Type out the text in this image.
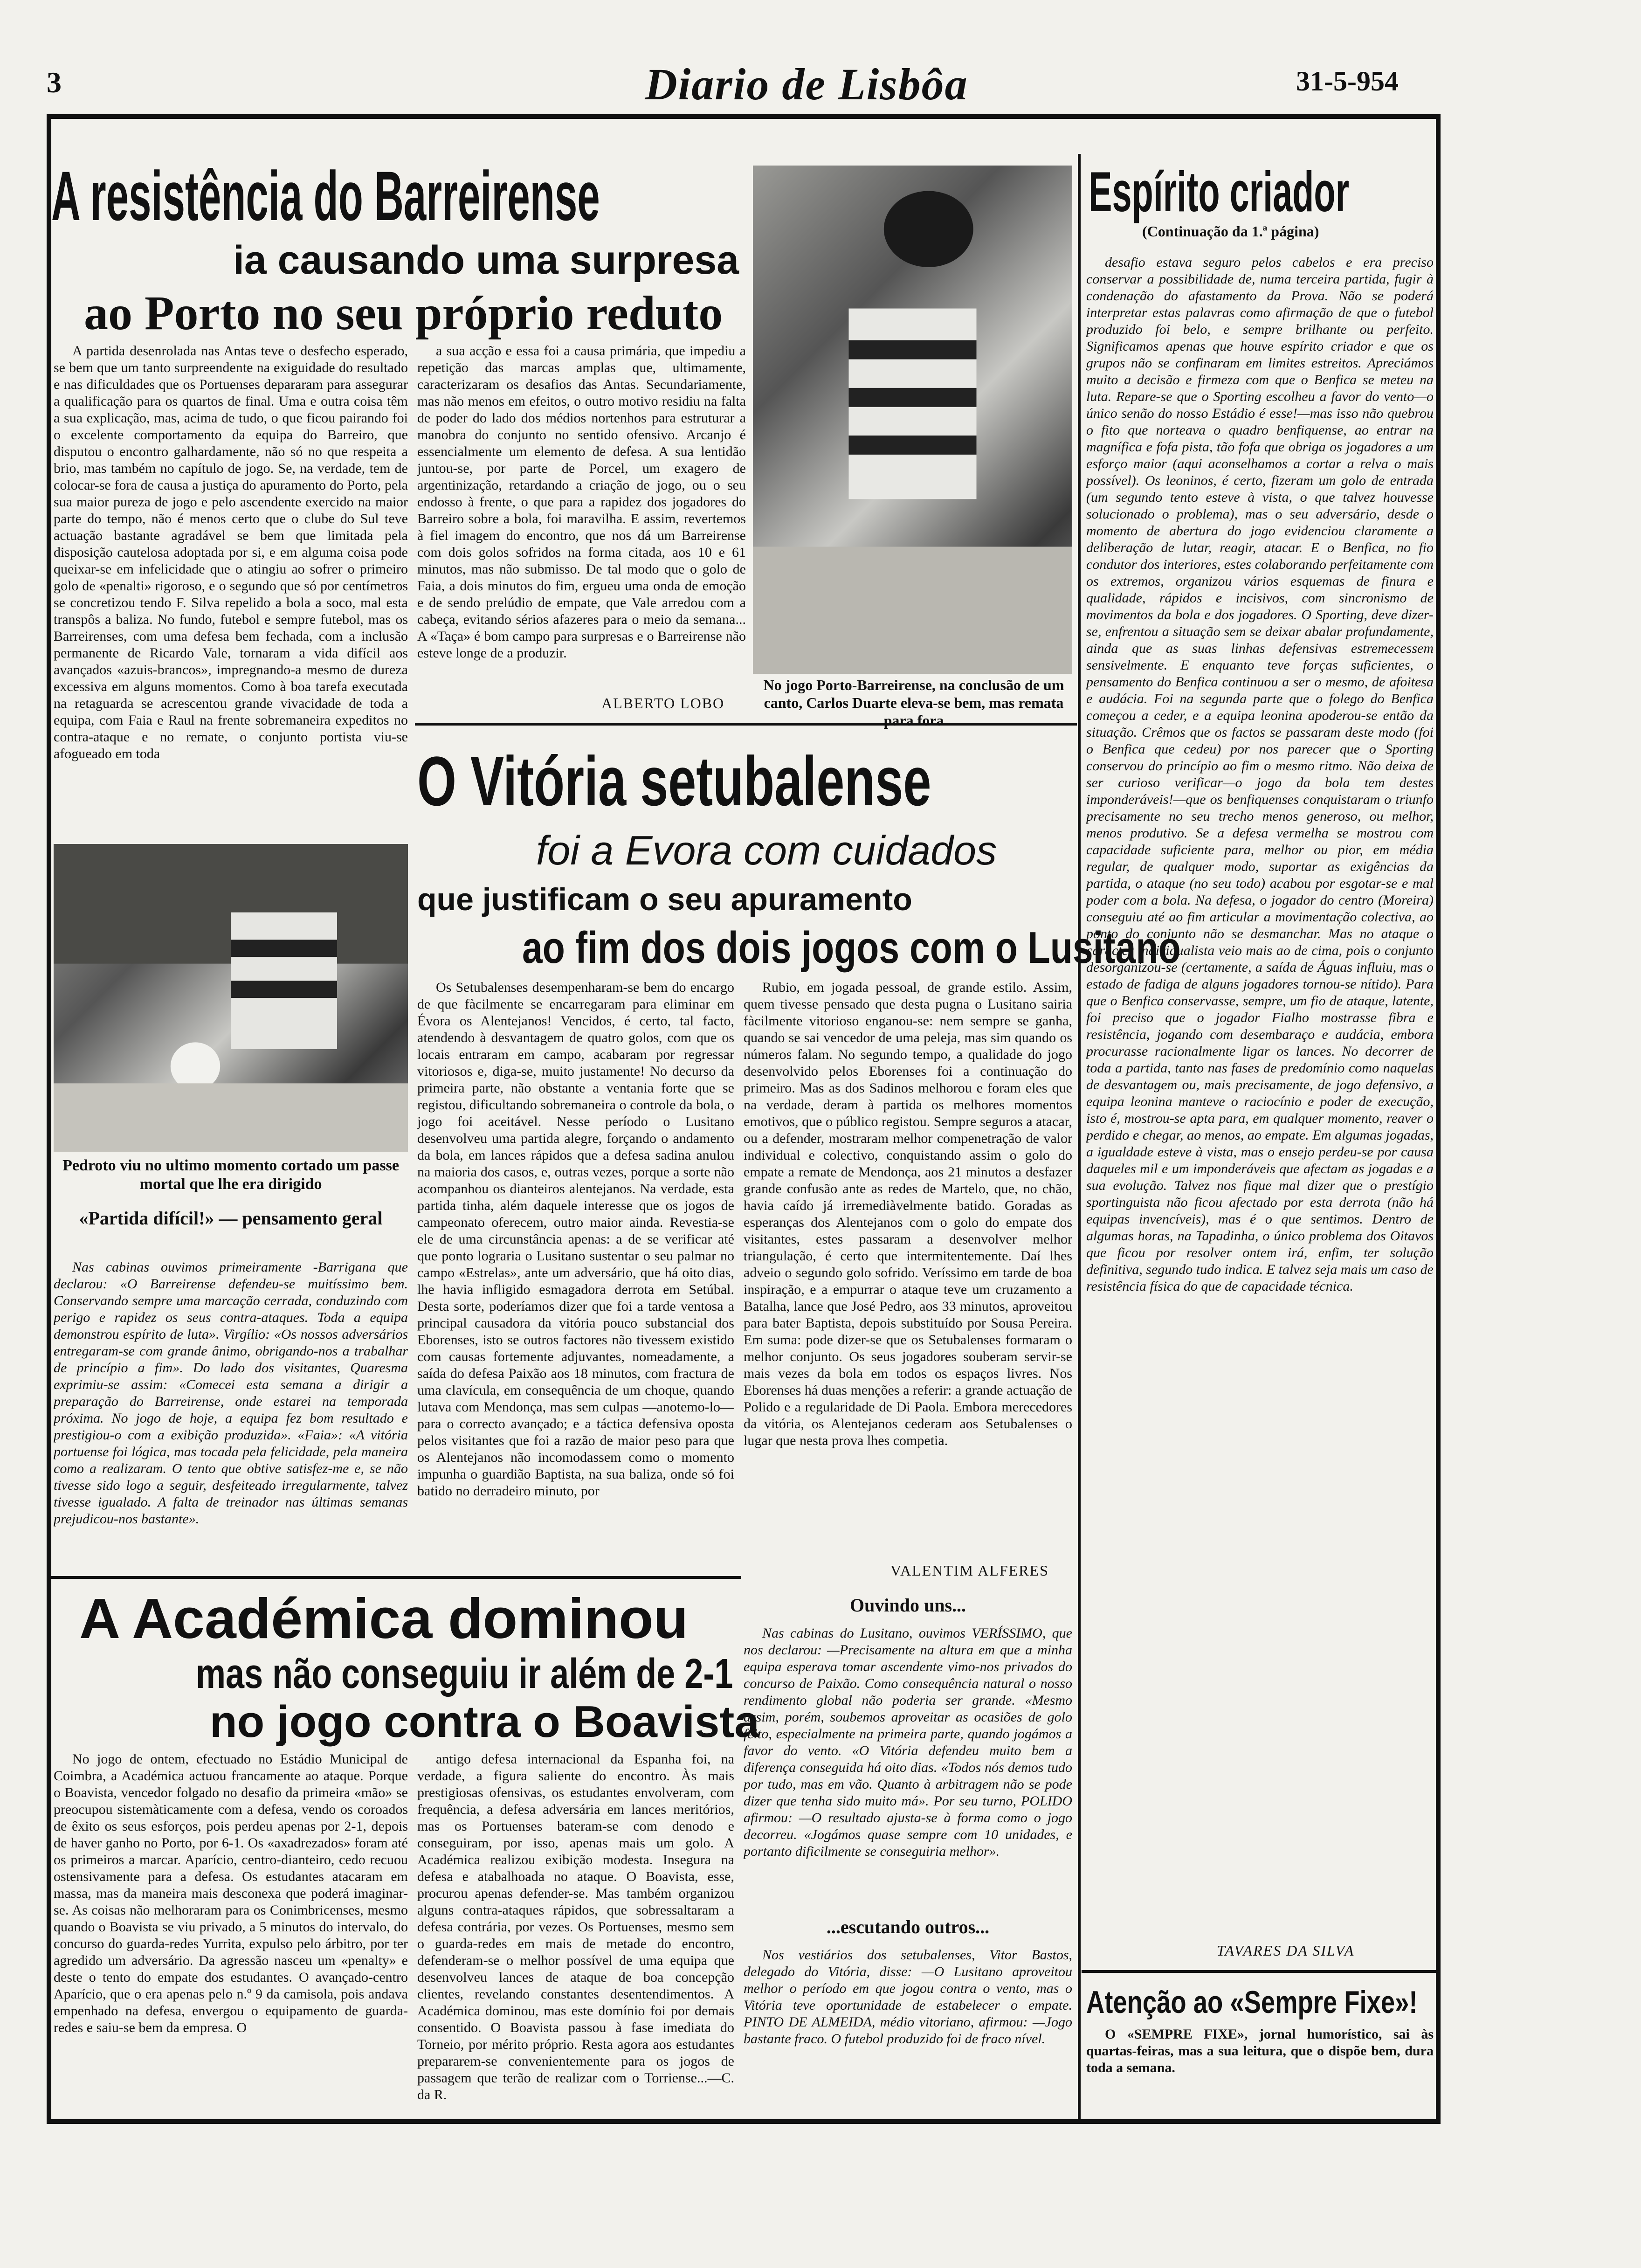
3	Diario de Lisbôa	31-5-954
A resistência do Barreirense
ia causando uma surpresa
ao Porto no seu próprio reduto

A partida desenrolada nas Antas teve o desfecho esperado, se bem que um tanto surpreendente na exiguidade do resultado e nas dificuldades que os Portuenses depararam para assegurar a qualificação para os quartos de final. Uma e outra coisa têm a sua explicação, mas, acima de tudo, o que ficou pairando foi o excelente comportamento da equipa do Barreiro, que disputou o encontro galhardamente, não só no que respeita a brio, mas também no capítulo de jogo. Se, na verdade, tem de colocar-se fora de causa a justiça do apuramento do Porto, pela sua maior pureza de jogo e pelo ascendente exercido na maior parte do tempo, não é menos certo que o clube do Sul teve actuação bastante agradável se bem que limitada pela disposição cautelosa adoptada por si, e em alguma coisa pode queixar-se em infelicidade que o atingiu ao sofrer o primeiro golo de «penalti» rigoroso, e o segundo que só por centímetros se concretizou tendo F. Silva repelido a bola a soco, mal esta transpôs a baliza. No fundo, futebol e sempre futebol, mas os Barreirenses, com uma defesa bem fechada, com a inclusão permanente de Ricardo Vale, tornaram a vida difícil aos avançados «azuis-brancos», impregnando-a mesmo de dureza excessiva em alguns momentos. Como à boa tarefa executada na retaguarda se acrescentou grande vivacidade de toda a equipa, com Faia e Raul na frente sobremaneira expeditos no contra-ataque e no remate, o conjunto portista viu-se afogueado em toda

a sua acção e essa foi a causa primária, que impediu a repetição das marcas amplas que, ultimamente, caracterizaram os desafios das Antas. Secundariamente, mas não menos em efeitos, o outro motivo residiu na falta de poder do lado dos médios nortenhos para estruturar a manobra do conjunto no sentido ofensivo. Arcanjo é essencialmente um elemento de defesa. A sua lentidão juntou-se, por parte de Porcel, um exagero de argentinização, retardando a criação de jogo, ou o seu endosso à frente, o que para a rapidez dos jogadores do Barreiro sobre a bola, foi maravilha. E assim, revertemos à fiel imagem do encontro, que nos dá um Barreirense com dois golos sofridos na forma citada, aos 10 e 61 minutos, mas não submisso. De tal modo que o golo de Faia, a dois minutos do fim, ergueu uma onda de emoção e de sendo prelúdio de empate, que Vale arredou com a cabeça, evitando sérios afazeres para o meio da semana... A «Taça» é bom campo para surpresas e o Barreirense não esteve longe de a produzir.

ALBERTO LOBO
No jogo Porto-Barreirense, na conclusão de um canto, Carlos Duarte eleva-se bem, mas remata para fora
Pedroto viu no ultimo momento cortado um passe mortal que lhe era dirigido
«Partida difícil!» — pensamento geral

Nas cabinas ouvimos primeiramente -Barrigana que declarou: «O Barreirense defendeu-se muitíssimo bem. Conservando sempre uma marcação cerrada, conduzindo com perigo e rapidez os seus contra-ataques. Toda a equipa demonstrou espírito de luta». Virgílio: «Os nossos adversários entregaram-se com grande ânimo, obrigando-nos a trabalhar de princípio a fim». Do lado dos visitantes, Quaresma exprimiu-se assim: «Comecei esta semana a dirigir a preparação do Barreirense, onde estarei na temporada próxima. No jogo de hoje, a equipa fez bom resultado e prestigiou-o com a exibição produzida». «Faia»: «A vitória portuense foi lógica, mas tocada pela felicidade, pela maneira como a realizaram. O tento que obtive satisfez-me e, se não tivesse sido logo a seguir, desfeiteado irregularmente, talvez tivesse igualado. A falta de treinador nas últimas semanas prejudicou-nos bastante».

O Vitória setubalense
foi a Evora com cuidados
que justificam o seu apuramento
ao fim dos dois jogos com o Lusitano

Os Setubalenses desempenharam-se bem do encargo de que fàcilmente se encarregaram para eliminar em Évora os Alentejanos! Vencidos, é certo, tal facto, atendendo à desvantagem de quatro golos, com que os locais entraram em campo, acabaram por regressar vitoriosos e, diga-se, muito justamente! No decurso da primeira parte, não obstante a ventania forte que se registou, dificultando sobremaneira o controle da bola, o jogo foi aceitável. Nesse período o Lusitano desenvolveu uma partida alegre, forçando o andamento da bola, em lances rápidos que a defesa sadina anulou na maioria dos casos, e, outras vezes, porque a sorte não acompanhou os dianteiros alentejanos. Na verdade, esta partida tinha, além daquele interesse que os jogos de campeonato oferecem, outro maior ainda. Revestia-se ele de uma circunstância apenas: a de se verificar até que ponto lograria o Lusitano sustentar o seu palmar no campo «Estrelas», ante um adversário, que há oito dias, lhe havia infligido esmagadora derrota em Setúbal. Desta sorte, poderíamos dizer que foi a tarde ventosa a principal causadora da vitória pouco substancial dos Eborenses, isto se outros factores não tivessem existido com causas fortemente adjuvantes, nomeadamente, a saída do defesa Paixão aos 18 minutos, com fractura de uma clavícula, em consequência de um choque, quando lutava com Mendonça, mas sem culpas —anotemo-lo—para o correcto avançado; e a táctica defensiva oposta pelos visitantes que foi a razão de maior peso para que os Alentejanos não incomodassem como o momento impunha o guardião Baptista, na sua baliza, onde só foi batido no derradeiro minuto, por

Rubio, em jogada pessoal, de grande estilo. Assim, quem tivesse pensado que desta pugna o Lusitano sairia fàcilmente vitorioso enganou-se: nem sempre se ganha, quando se sai vencedor de uma peleja, mas sim quando os números falam. No segundo tempo, a qualidade do jogo desenvolvido pelos Eborenses foi a continuação do primeiro. Mas as dos Sadinos melhorou e foram eles que na verdade, deram à partida os melhores momentos emotivos, que o público registou. Sempre seguros a atacar, ou a defender, mostraram melhor compenetração de valor individual e colectivo, conquistando assim o golo do empate a remate de Mendonça, aos 21 minutos a desfazer grande confusão ante as redes de Martelo, que, no chão, havia caído já irremediàvelmente batido. Goradas as esperanças dos Alentejanos com o golo do empate dos visitantes, estes passaram a desenvolver melhor triangulação, é certo que intermitentemente. Daí lhes adveio o segundo golo sofrido. Veríssimo em tarde de boa inspiração, e a empurrar o ataque teve um cruzamento a Batalha, lance que José Pedro, aos 33 minutos, aproveitou para bater Baptista, depois substituído por Sousa Pereira. Em suma: pode dizer-se que os Setubalenses formaram o melhor conjunto. Os seus jogadores souberam servir-se mais vezes da bola em todos os espaços livres. Nos Eborenses há duas menções a referir: a grande actuação de Polido e a regularidade de Di Paola. Embora merecedores da vitória, os Alentejanos cederam aos Setubalenses o lugar que nesta prova lhes competia.

VALENTIM ALFERES
Ouvindo uns...

Nas cabinas do Lusitano, ouvimos VERÍSSIMO, que nos declarou: —Precisamente na altura em que a minha equipa esperava tomar ascendente vimo-nos privados do concurso de Paixão. Como consequência natural o nosso rendimento global não poderia ser grande. «Mesmo assim, porém, soubemos aproveitar as ocasiões de golo feito, especialmente na primeira parte, quando jogámos a favor do vento. «O Vitória defendeu muito bem a diferença conseguida há oito dias. «Todos nós demos tudo por tudo, mas em vão. Quanto à arbitragem não se pode dizer que tenha sido muito má». Por seu turno, POLIDO afirmou: —O resultado ajusta-se à forma como o jogo decorreu. «Jogámos quase sempre com 10 unidades, e portanto dificilmente se conseguiria melhor».

...escutando outros...

Nos vestiários dos setubalenses, Vitor Bastos, delegado do Vitória, disse: —O Lusitano aproveitou melhor o período em que jogou contra o vento, mas o Vitória teve oportunidade de estabelecer o empate. PINTO DE ALMEIDA, médio vitoriano, afirmou: —Jogo bastante fraco. O futebol produzido foi de fraco nível.

A Académica dominou
mas não conseguiu ir além de 2-1
no jogo contra o Boavista

No jogo de ontem, efectuado no Estádio Municipal de Coimbra, a Académica actuou francamente ao ataque. Porque o Boavista, vencedor folgado no desafio da primeira «mão» se preocupou sistemàticamente com a defesa, vendo os coroados de êxito os seus esforços, pois perdeu apenas por 2-1, depois de haver ganho no Porto, por 6-1. Os «axadrezados» foram até os primeiros a marcar. Aparício, centro-dianteiro, cedo recuou ostensivamente para a defesa. Os estudantes atacaram em massa, mas da maneira mais desconexa que poderá imaginar-se. As coisas não melhoraram para os Conimbricenses, mesmo quando o Boavista se viu privado, a 5 minutos do intervalo, do concurso do guarda-redes Yurrita, expulso pelo árbitro, por ter agredido um adversário. Da agressão nasceu um «penalty» e deste o tento do empate dos estudantes. O avançado-centro Aparício, que o era apenas pelo n.º 9 da camisola, pois andava empenhado na defesa, envergou o equipamento de guarda-redes e saiu-se bem da empresa. O

antigo defesa internacional da Espanha foi, na verdade, a figura saliente do encontro. Às mais prestigiosas ofensivas, os estudantes envolveram, com frequência, a defesa adversária em lances meritórios, mas os Portuenses bateram-se com denodo e conseguiram, por isso, apenas mais um golo. A Académica realizou exibição modesta. Insegura na defesa e atabalhoada no ataque. O Boavista, esse, procurou apenas defender-se. Mas também organizou alguns contra-ataques rápidos, que sobressaltaram a defesa contrária, por vezes. Os Portuenses, mesmo sem o guarda-redes em mais de metade do encontro, defenderam-se o melhor possível de uma equipa que desenvolveu lances de ataque de boa concepção clientes, revelando constantes desentendimentos. A Académica dominou, mas este domínio foi por demais consentido. O Boavista passou à fase imediata do Torneio, por mérito próprio. Resta agora aos estudantes prepararem-se convenientemente para os jogos de passagem que terão de realizar com o Torriense...—C. da R.

Espírito criador
(Continuação da 1.ª página)

desafio estava seguro pelos cabelos e era preciso conservar a possibilidade de, numa terceira partida, fugir à condenação do afastamento da Prova. Não se poderá interpretar estas palavras como afirmação de que o futebol produzido foi belo, e sempre brilhante ou perfeito. Significamos apenas que houve espírito criador e que os grupos não se confinaram em limites estreitos. Apreciámos muito a decisão e firmeza com que o Benfica se meteu na luta. Repare-se que o Sporting escolheu a favor do vento—o único senão do nosso Estádio é esse!—mas isso não quebrou o fito que norteava o quadro benfiquense, ao entrar na magnífica e fofa pista, tão fofa que obriga os jogadores a um esforço maior (aqui aconselhamos a cortar a relva o mais possível). Os leoninos, é certo, fizeram um golo de entrada (um segundo tento esteve à vista, o que talvez houvesse solucionado o problema), mas o seu adversário, desde o momento de abertura do jogo evidenciou claramente a deliberação de lutar, reagir, atacar. E o Benfica, no fio condutor dos interiores, estes colaborando perfeitamente com os extremos, organizou vários esquemas de finura e qualidade, rápidos e incisivos, com sincronismo de movimentos da bola e dos jogadores. O Sporting, deve dizer-se, enfrentou a situação sem se deixar abalar profundamente, ainda que as suas linhas defensivas estremecessem sensivelmente. E enquanto teve forças suficientes, o pensamento do Benfica continuou a ser o mesmo, de afoitesa e audácia. Foi na segunda parte que o folego do Benfica começou a ceder, e a equipa leonina apoderou-se então da situação. Crêmos que os factos se passaram deste modo (foi o Benfica que cedeu) por nos parecer que o Sporting conservou do princípio ao fim o mesmo ritmo. Não deixa de ser curioso verificar—o jogo da bola tem destes imponderáveis!—que os benfiquenses conquistaram o triunfo precisamente no seu trecho menos generoso, ou melhor, menos produtivo. Se a defesa vermelha se mostrou com capacidade suficiente para, melhor ou pior, em média regular, de qualquer modo, suportar as exigências da partida, o ataque (no seu todo) acabou por esgotar-se e mal poder com a bola. Na defesa, o jogador do centro (Moreira) conseguiu até ao fim articular a movimentação colectiva, ao ponto do conjunto não se desmanchar. Mas no ataque o caracter individualista veio mais ao de cima, pois o conjunto desorganizou-se (certamente, a saída de Águas influiu, mas o estado de fadiga de alguns jogadores tornou-se nítido). Para que o Benfica conservasse, sempre, um fio de ataque, latente, foi preciso que o jogador Fialho mostrasse fibra e resistência, jogando com desembaraço e audácia, embora procurasse racionalmente ligar os lances. No decorrer de toda a partida, tanto nas fases de predomínio como naquelas de desvantagem ou, mais precisamente, de jogo defensivo, a equipa leonina manteve o raciocínio e poder de execução, isto é, mostrou-se apta para, em qualquer momento, reaver o perdido e chegar, ao menos, ao empate. Em algumas jogadas, a igualdade esteve à vista, mas o ensejo perdeu-se por causa daqueles mil e um imponderáveis que afectam as jogadas e a sua evolução. Talvez nos fique mal dizer que o prestígio sportinguista não ficou afectado por esta derrota (não há equipas invencíveis), mas é o que sentimos. Dentro de algumas horas, na Tapadinha, o único problema dos Oitavos que ficou por resolver ontem irá, enfim, ter solução definitiva, segundo tudo indica. E talvez seja mais um caso de resistência física do que de capacidade técnica.

TAVARES DA SILVA
Atenção ao «Sempre Fixe»!

O «SEMPRE FIXE», jornal humorístico, sai às quartas-feiras, mas a sua leitura, que o dispõe bem, dura toda a semana.
